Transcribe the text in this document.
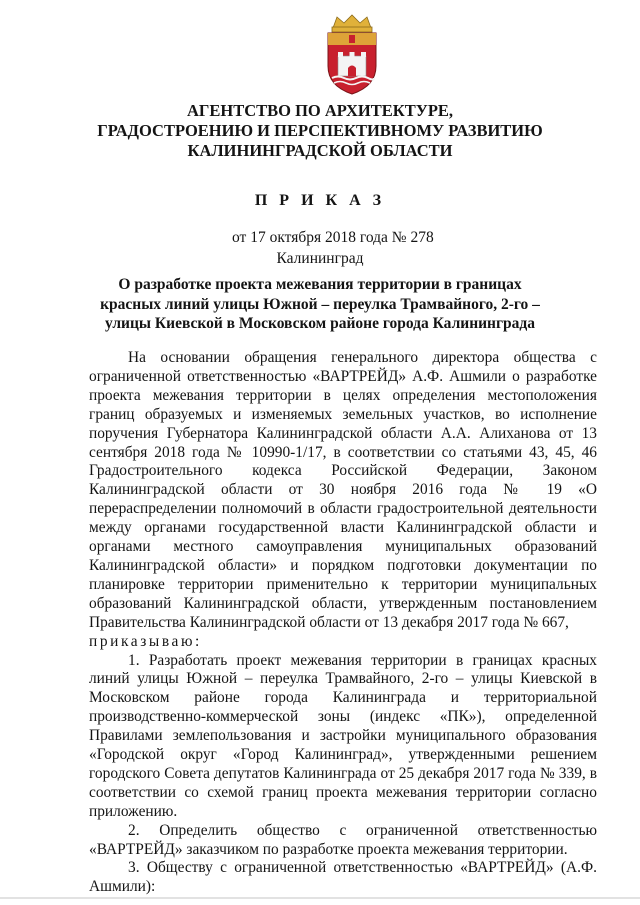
АГЕНТСТВО ПО АРХИТЕКТУРЕ,
ГРАДОСТРОЕНИЮ И ПЕРСПЕКТИВНОМУ РАЗВИТИЮ
КАЛИНИНГРАДСКОЙ ОБЛАСТИ
П Р И К А З
от 17 октября 2018 года № 278
Калининград
О разработке проекта межевания территории в границах
красных линий улицы Южной – переулка Трамвайного, 2-го –
улицы Киевской в Московском районе города Калининграда

На основании обращения генерального директора общества с ограниченной ответственностью «ВАРТРЕЙД» А.Ф. Ашмили о разработке проекта межевания территории в целях определения местоположения границ образуемых и изменяемых земельных участков, во исполнение поручения Губернатора Калининградской области А.А. Алиханова от 13 сентября 2018 года № 10990-1/17, в соответствии со статьями 43, 45, 46 Градостроительного кодекса Российской Федерации, Законом Калининградской области от 30 ноября 2016 года № 19 «О перераспределении полномочий в области градостроительной деятельности между органами государственной власти Калининградской области и органами местного самоуправления муниципальных образований Калининградской области» и порядком подготовки документации по планировке территории применительно к территории муниципальных образований Калининградской области, утвержденным постановлением Правительства Калининградской области от 13 декабря 2017 года № 667,

приказываю:

1. Разработать проект межевания территории в границах красных линий улицы Южной – переулка Трамвайного, 2-го – улицы Киевской в Московском районе города Калининграда и территориальной производственно-коммерческой зоны (индекс «ПК»), определенной Правилами землепользования и застройки муниципального образования «Городской округ «Город Калининград», утвержденными решением городского Совета депутатов Калининграда от 25 декабря 2017 года № 339, в соответствии со схемой границ проекта межевания территории согласно приложению.

2. Определить общество с ограниченной ответственностью «ВАРТРЕЙД» заказчиком по разработке проекта межевания территории.

3. Обществу с ограниченной ответственностью «ВАРТРЕЙД» (А.Ф. Ашмили):
